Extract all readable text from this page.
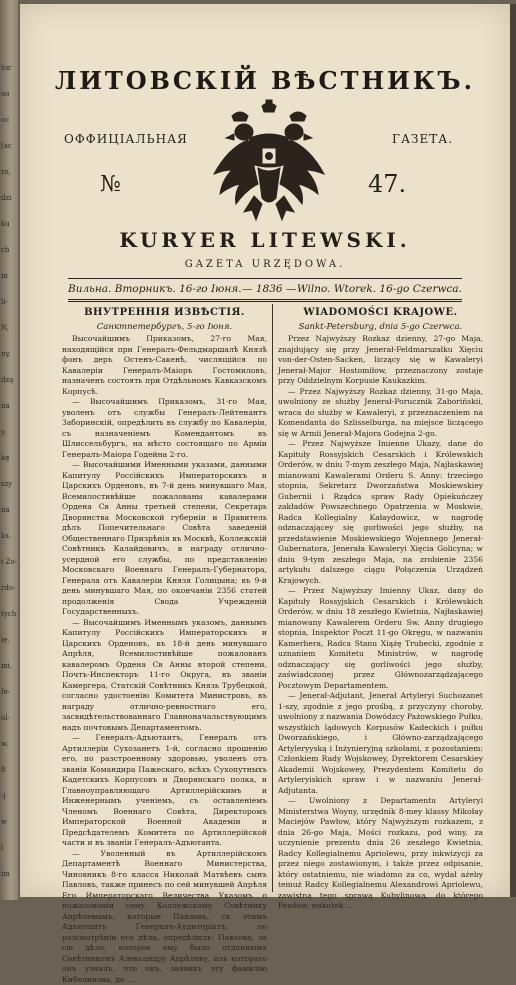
tor
oo
oc
[ac
ro,
dzi
ku
ch
in
li-
N,
ny,
dzą
na
y,
kę
szy
na
ks.
i Zo-
rdo-
tych
ię.
mi,
fe-
ol-
w.
8
-j
w
i
im
ЛИТОВСКІЙ ВѢСТНИКЪ.
ОФФИЦІАЛЬНАЯ	ГАЗЕТА.
№	47.
KURYER LITEWSKI.
GAZETA URZĘDOWA.
Вильна. Вторникъ. 16-го Іюня. — 1836 — Wilno. Wtorek. 16-go Czerwca.
ВНУТРЕННІЯ ИЗВѢСТІЯ.
Санктпетербургъ, 5-го Іюня.

Высочайшимъ Приказомъ, 27-го Мая, находящійся при Генералъ-Фельдмаршалѣ Князѣ фонъ деръ Остенъ-Сакенѣ, числящійся по Кавалеріи Генералъ-Маіоръ Гостомиловъ, назначенъ состоять при Отдѣльномъ Кавказскомъ Корпусѣ.

— Высочайшимъ Приказомъ, 31-го Мая, уволенъ отъ службы Генералъ-Лейтенантъ Заборинскій, опредѣлить въ службу по Кавалеріи, съ назначеніемъ Комендантомъ въ Шлиссельбургъ, на мѣсто состоящаго по Арміи Генералъ-Маіора Годейна 2-го.

— Высочайшими Именными указами, данными Капитулу Россійскихъ Императорскихъ и Царскихъ Орденовъ, въ 7-й день минувшаго Мая, Всемилостивѣйше пожалованы кавалерами Ордена Св Анны третьей степени, Секретарь Дворянства Московской губерніи и Правитель дѣлъ Попечительнаго Совѣта заведеній Общественнаго Призрѣнія въ Москвѣ, Коллежскій Совѣтникъ Калайдовичъ, в награду отлично-усердной его службы, по представленію Московскаго Военнаго Генералъ-Губернатора, Генерала отъ Кавалеріи Князя Голицына; въ 9-й день минувшаго Мая, по окончаніи 2356 статей продолженія Свода Учрежденій Государственныхъ.

— Высочайшимъ Именнымъ указомъ, даннымъ Капитулу Россійскихъ Императорскихъ и Царскихъ Орденовъ, въ 18-й день минувшаго Апрѣля, Всемилостивѣйше пожалованъ кавалеромъ Ордена Св Анны второй степени, Почтъ-Инспекторъ 11-го Округа, въ званіи Камергера, Статскій Совѣтникъ Князь Трубецкой, согласно удостоенію Комитета Министровъ, въ награду отлично-ревностнаго его, засвидѣтельствованнаго Главноначальствующимъ надъ почтовымъ Департаментомъ.

— Генералъ-Адъютантъ, Генералъ отъ Артиллеріи Сухозанетъ 1-й, согласно прошенію его, по разстроенному здоровью, уволенъ отъ званія Командира Пажескаго, всѣхъ Сухопутныхъ Кадетскихъ Корпусовъ и Дворянскаго полка, и Главноуправляющаго Артиллерійскимъ и Инженернымъ ученіемъ, съ оставленіемъ Членомъ Военнаго Совѣта, Директоромъ Императорской Военной Академіи и Предсѣдателемъ Комитета по Артиллерійской части и въ званіи Генералъ-Адъютанта.

— Уволенный въ Артиллерійскомъ Департаментѣ Военнаго Министерства, Чиновникъ 8-го класса Николай Матвѣевъ сынъ Павловъ, также принесъ по сей минувшей Апрѣля Его Императорскаго Величества Указомъ о пожалованіи сему Коллежскому Совѣтнику Апрѣлевымъ, которые Павловъ, съ этимъ Адъютантъ Генералъ-Аудиторіатъ, по разсмотрѣніи его дѣла, опредѣлилъ: Павлова, за сіе дѣло, которое ему было отданнымъ Совѣтникомъ Александру Апрѣлеву, изъ котораго онъ узналъ, что онъ, заявивъ эту фамилію Кибелинова, до ...

WIADOMOŚCI KRAJOWE.
Sankt-Petersburg, dnia 5-go Czerwca.

Przez Najwyższy Rozkaz dzienny, 27-go Maja, znajdujący się przy Jenerał-Feldmarszałku Xięciu von-der-Osten-Sacken, liczący się w Kawaleryi Jenerał-Major Hostomiłow, przeznaczony zostaje przy Oddzielnym Korpusie Kaukazkim.

— Przez Najwyższy Rozkaz dzienny, 31-go Maja, uwolniony ze służby Jenerał-Porucznik Zaborińskii, wraca do służby w Kawaleryi, z przeznaczeniem na Komendanta do Szlisselburga, na miejsce liczącego się w Armii Jenerał-Majora Godejna 2-go.

— Przez Najwyższe Imienne Ukazy, dane do Kapituły Rossyjskich Cesarskich i Królewskich Orderów, w dniu 7-mym zeszłego Maja, Najłaskawiej mianowani Kawalerami Orderu S. Anny: trzeciego stopnia, Sekretarz Dworzaństwa Moskiewskiey Gubernii i Rządca spraw Rady Opiekuńczey zakładów Powszechnego Opatrzenia w Moskwie, Radca Kollegialny Kałaydowicz, w nagrodę odznaczającey się gorliwości jego służby, na przedstawienie Moskiewskiego Wojennego Jenerał-Gubernatora, Jenerała Kawaleryi Xięcia Golicyna; w dniu 9-tym zeszłego Maja, na zrobienie 2356 artykułu dalszego ciągu Połączenia Urządzeń Krajowych.

— Przez Najwyższy Imienny Ukaz, dany do Kapituły Rossyjskich Cesarskich i Królewskich Orderów, w dniu 18 zeszłego Kwietnia, Najłaskawiej mianowany Kawalerem Orderu Sw. Anny drugiego stopnia, Inspektor Poczt 11-go Okręgu, w nazwaniu Kamerhera, Radca Stanu Xiążę Trubecki, zgodnie z uznaniem Komitetu Ministrów, w nagrodę odznaczający się gorliwości jego służby, zaświadczonej przez Głównozarządzającego Pocztowym Departamentem.

— Jenerał-Adjutant, Jenerał Artyleryi Suchozanet 1-szy, zgodnie z jego prośbą, z przyczyny choroby, uwolniony z nazwania Dowódzcy Pażowskiego Pułku, wszystkich lądowych Korpusów Kadeckich i pułku Dworzańskiego, i Główno-zarządzającego Artyleryyską i Inżynieryjną szkołami, z pozostaniem: Członkiem Rady Wojskowey, Dyrektorem Cesarskiey Akademii Wojskowey, Prezydentem Komitetu do Artyleryiskich spraw i w nazwaniu Jenerał-Adjutanta.

— Uwolniony z Departamentu Artyleryi Ministerstwa Woyny, urzędnik 8-mey klassy Mikołay Maciejów Pawłow, który Najwyższym rozkazem, z dnia 26-go Maja, Mości rozkazu, pod winy, za uczynienie prezentu dnia 26 zeszłego Kwietnia, Radcy Kollegialnemu Apriolewu, przy inkwizycji za przez niego zostawionym, i także przez odpisanie, który ostatniemu, nie wiadomo za co, wydał ażeby temuż Radcy Kollegialnemu Alexandrowi Apriolewu, zawistną tego sprawą Kubylinowa, do którego Pawłow, wskutek ...
